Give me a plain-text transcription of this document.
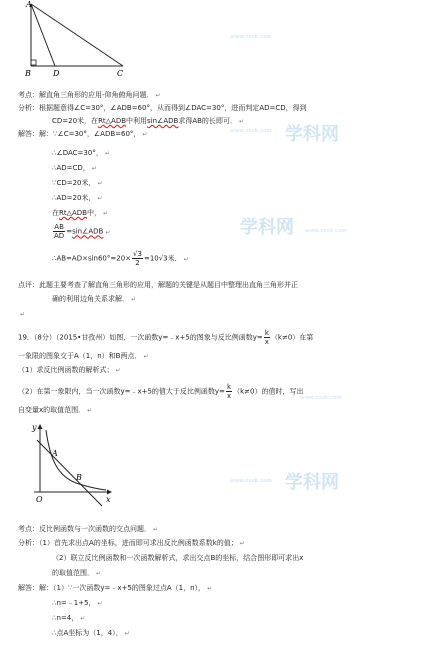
A
B	D	C
学科网
www.zxxk.com
学科网 www.zxxk.com
学科网
www.zxxk.com
www.zxxk.com
www.zxxk.com
考点：解直角三角形的应用-仰角俯角问题． ↵
分析：根据题意得∠C=30°，∠ADB=60°，从而得到∠DAC=30°，进而判定AD=CD，得到
CD=20米，在Rt△ADB中利用sin∠ADB求得AB的长即可． ↵
解答：解：∵∠C=30°，∠ADB=60°， ↵
∴∠DAC=30°， ↵
∴AD=CD， ↵
∵CD=20米， ↵
∴AD=20米， ↵
在Rt△ADB中， ↵
$\frac{AB}{AD}$ =sin∠ADB ↵
∴AB=AD×sin60°=20× $\frac{√3}{2} =10√3$米． ↵
点评：此题主要考查了解直角三角形的应用，解题的关键是从题目中整理出直角三角形并正
确的利用边角关系求解． ↵
↵
19．（8分）（2015•甘孜州）如图，一次函数y=﹣x+5的图象与反比例函数$y= \frac{k}{x} (k\ne 0)$在第
一象限的图象交于A（1，n）和B两点． ↵
（1）求反比例函数的解析式； ↵
（2）在第一象限内，当一次函数y=﹣x+5的值大于反比例函数$y= \frac{k}{x} (k\ne 0)$的值时，写出
自变量x的取值范围． ↵
y
A
B
O	x
考点：反比例函数与一次函数的交点问题． ↵
分析：（1）首先求出点A的坐标，进而即可求出反比例函数系数k的值； ↵
（2）联立反比例函数和一次函数解析式，求出交点B的坐标，结合图形即可求出x
的取值范围． ↵
解答：解：（1）∵一次函数y=﹣x+5的图象过点A（1，n）， ↵
∴n=﹣1+5， ↵
∴n=4， ↵
∴点A坐标为（1，4）， ↵
